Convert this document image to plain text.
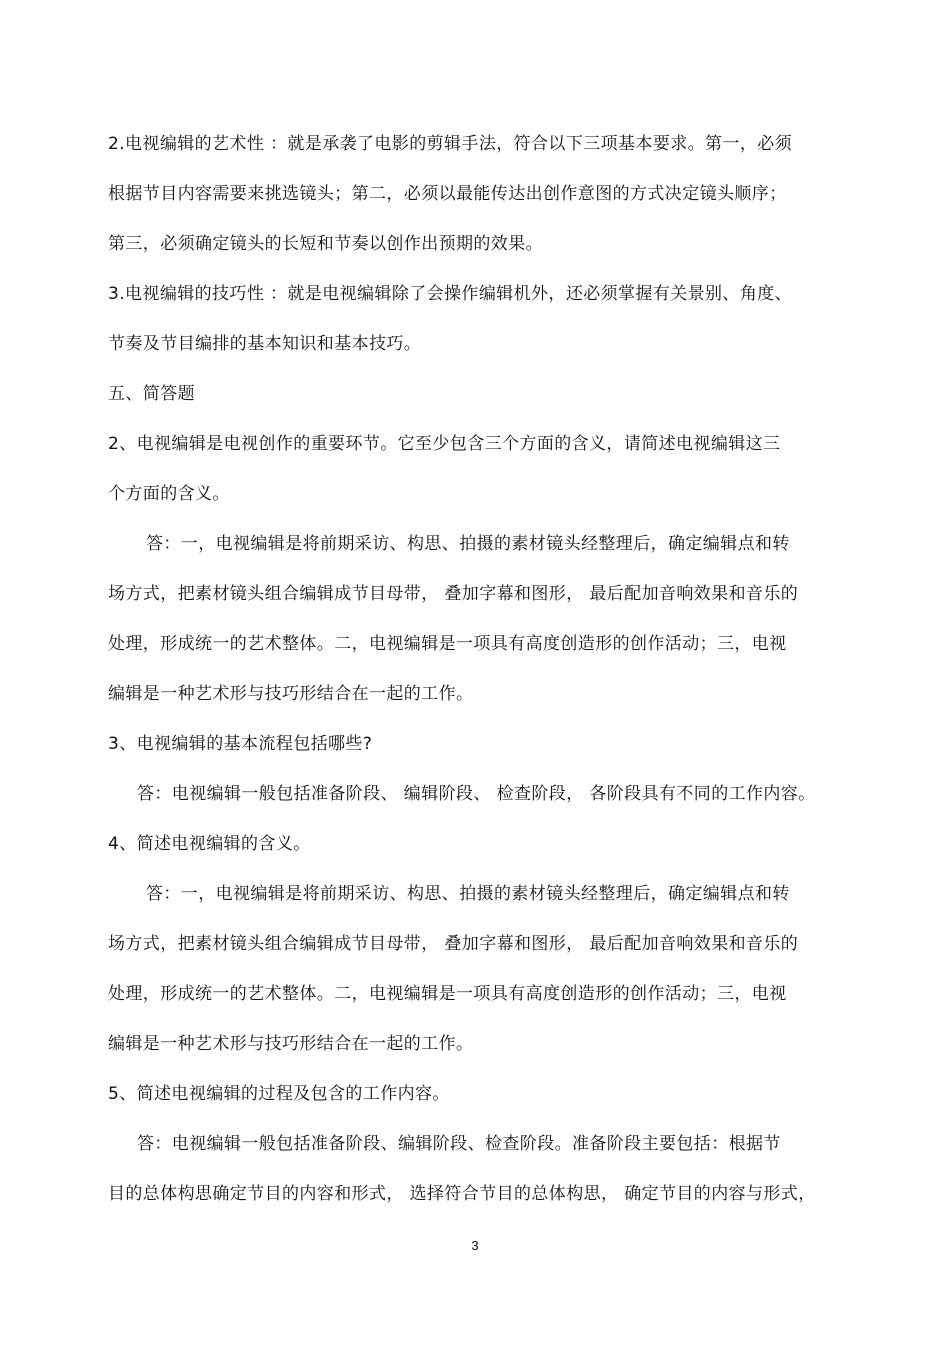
2.电视编辑的艺术性 ：就是承袭了电影的剪辑手法，符合以下三项基本要求。第一，必须
根据节目内容需要来挑选镜头；第二，必须以最能传达出创作意图的方式决定镜头顺序；
第三，必须确定镜头的长短和节奏以创作出预期的效果。
3.电视编辑的技巧性 ：就是电视编辑除了会操作编辑机外，还必须掌握有关景别、角度、
节奏及节目编排的基本知识和基本技巧。
五、简答题
2、电视编辑是电视创作的重要环节。它至少包含三个方面的含义，请简述电视编辑这三
个方面的含义。
答：一，电视编辑是将前期采访、构思、拍摄的素材镜头经整理后，确定编辑点和转
场方式，把素材镜头组合编辑成节目母带， 叠加字幕和图形， 最后配加音响效果和音乐的
处理，形成统一的艺术整体。二，电视编辑是一项具有高度创造形的创作活动；三，电视
编辑是一种艺术形与技巧形结合在一起的工作。
3、电视编辑的基本流程包括哪些?
答：电视编辑一般包括准备阶段、 编辑阶段、 检查阶段， 各阶段具有不同的工作内容。
4、简述电视编辑的含义。
答：一，电视编辑是将前期采访、构思、拍摄的素材镜头经整理后，确定编辑点和转
场方式，把素材镜头组合编辑成节目母带， 叠加字幕和图形， 最后配加音响效果和音乐的
处理，形成统一的艺术整体。二，电视编辑是一项具有高度创造形的创作活动；三，电视
编辑是一种艺术形与技巧形结合在一起的工作。
5、简述电视编辑的过程及包含的工作内容。
答：电视编辑一般包括准备阶段、编辑阶段、检查阶段。准备阶段主要包括：根据节
目的总体构思确定节目的内容和形式， 选择符合节目的总体构思， 确定节目的内容与形式，
3
